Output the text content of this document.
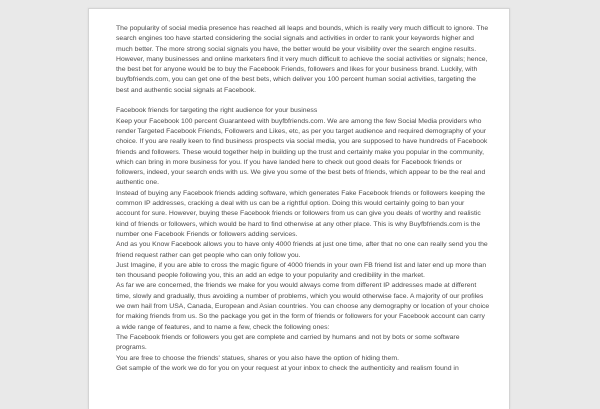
The popularity of social media presence has reached all leaps and bounds, which is really very much difficult to ignore. The search engines too have started considering the social signals and activities in order to rank your keywords higher and much better. The more strong social signals you have, the better would be your visibility over the search engine results. However, many businesses and online marketers find it very much difficult to achieve the social activities or signals; hence, the best bet for anyone would be to buy the Facebook Friends, followers and likes for your business brand. Luckily, with buyfbfriends.com, you can get one of the best bets, which deliver you 100 percent human social activities, targeting the best and authentic social signals at Facebook.

Facebook friends for targeting the right audience for your business

Keep your Facebook 100 percent Guaranteed with buyfbfriends.com. We are among the few Social Media providers who render Targeted Facebook Friends, Followers and Likes, etc, as per you target audience and required demography of your choice. If you are really keen to find business prospects via social media, you are supposed to have hundreds of Facebook friends and followers. These would together help in building up the trust and certainly make you popular in the community, which can bring in more business for you. If you have landed here to check out good deals for Facebook friends or followers, indeed, your search ends with us. We give you some of the best bets of friends, which appear to be the real and authentic one.

Instead of buying any Facebook friends adding software, which generates Fake Facebook friends or followers keeping the common IP addresses, cracking a deal with us can be a rightful option. Doing this would certainly going to ban your account for sure. However, buying these Facebook friends or followers from us can give you deals of worthy and realistic kind of friends or followers, which would be hard to find otherwise at any other place. This is why Buyfbfriends.com is the number one Facebook Friends or followers adding services.

And as you Know Facebook allows you to have only 4000 friends at just one time, after that no one can really send you the friend request rather can get people who can only follow you.

Just Imagine, if you are able to cross the magic figure of 4000 friends in your own FB friend list and later end up more than ten thousand people following you, this an add an edge to your popularity and credibility in the market.

As far we are concerned, the friends we make for you would always come from different IP addresses made at different time, slowly and gradually, thus avoiding a number of problems, which you would otherwise face. A majority of our profiles we own hail from USA, Canada, European and Asian countries. You can choose any demography or location of your choice for making friends from us. So the package you get in the form of friends or followers for your Facebook account can carry a wide range of features, and to name a few, check the following ones:

The Facebook friends or followers you get are complete and carried by humans and not by bots or some software programs.

You are free to choose the friends' statues, shares or you also have the option of hiding them.

Get sample of the work we do for you on your request at your inbox to check the authenticity and realism found in
